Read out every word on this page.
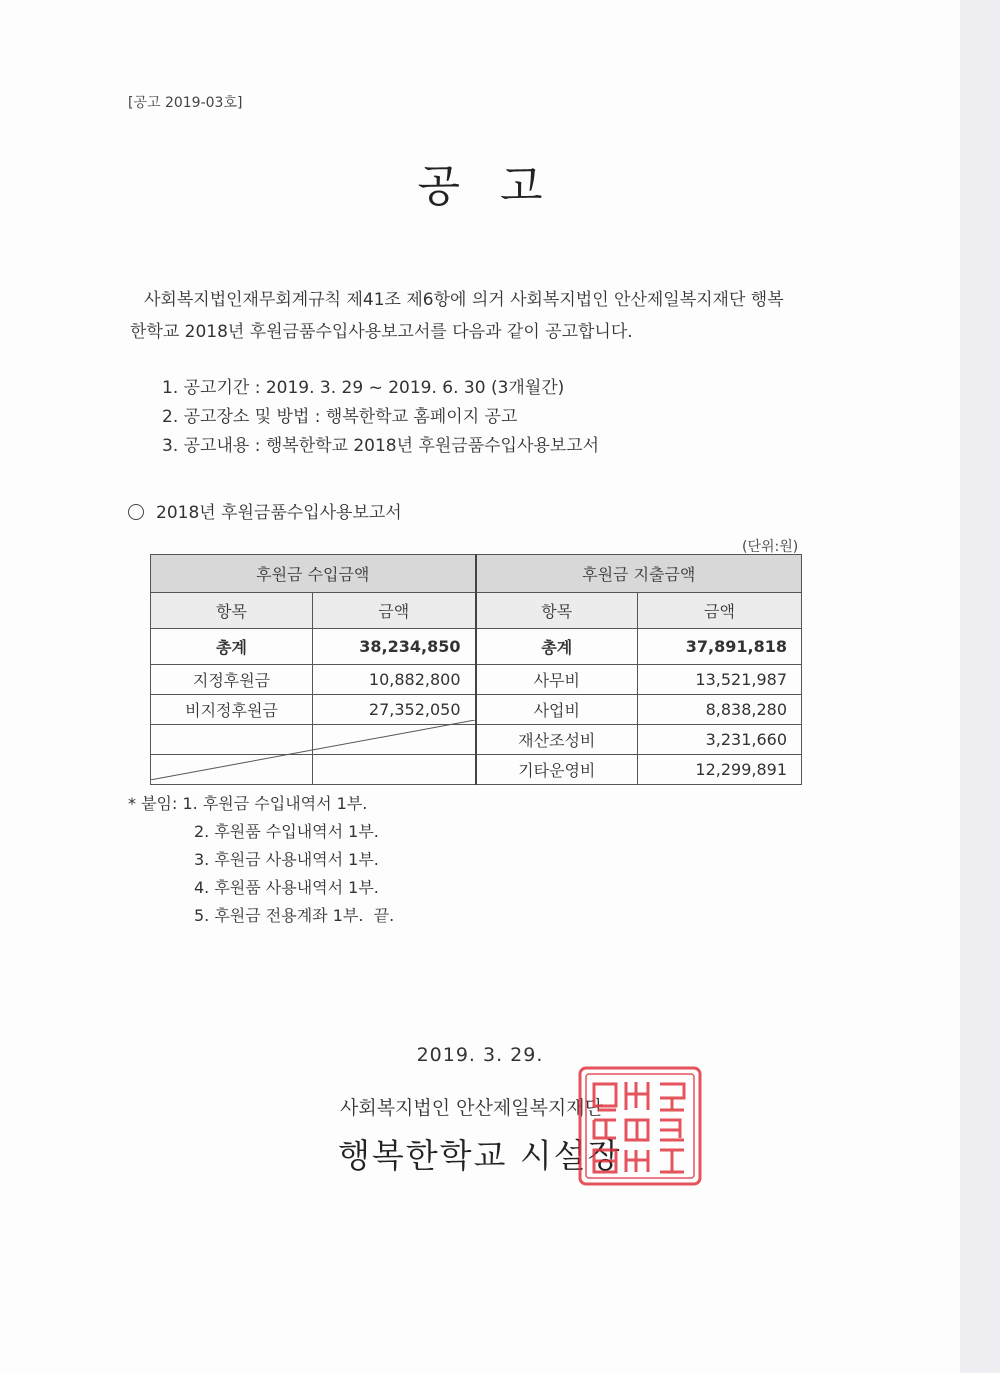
[공고 2019-03호]
공고
사회복지법인재무회계규칙 제41조 제6항에 의거 사회복지법인 안산제일복지재단 행복
한학교 2018년 후원금품수입사용보고서를 다음과 같이 공고합니다.
1. 공고기간 : 2019. 3. 29 ~ 2019. 6. 30 (3개월간)
2. 공고장소 및 방법 : 행복한학교 홈페이지 공고
3. 공고내용 : 행복한학교 2018년 후원금품수입사용보고서
2018년 후원금품수입사용보고서
(단위:원)
후원금 수입금액		후원금 지출금액	
항목	금액	항목	금액
총계	38,234,850	총계	37,891,818
지정후원금	10,882,800	사무비	13,521,987
비지정후원금	27,352,050	사업비	8,838,280
		재산조성비	3,231,660
		기타운영비	12,299,891
* 붙임: 1. 후원금 수입내역서 1부.
2. 후원품 수입내역서 1부.
3. 후원금 사용내역서 1부.
4. 후원품 사용내역서 1부.
5. 후원금 전용계좌 1부.  끝.
2019. 3. 29.
사회복지법인 안산제일복지재단
행복한학교 시설장
